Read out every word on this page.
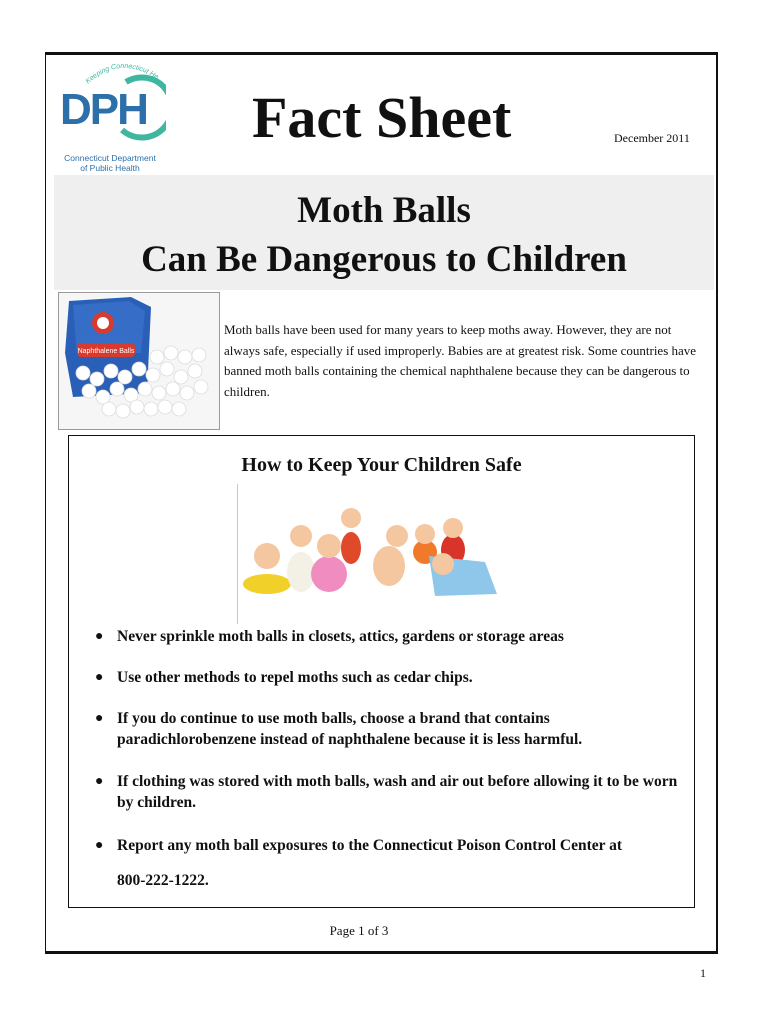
Keeping Connecticut He
DPH
Connecticut Department
of Public Health
Fact Sheet	December 2011
Moth Balls
Can Be Dangerous to Children
Naphthalene Balls
Moth balls have been used for many years to keep moths away. However, they are not always safe, especially if used improperly. Babies are at greatest risk. Some countries have banned moth balls containing the chemical naphthalene because they can be dangerous to children.
How to Keep Your Children Safe
● Never sprinkle moth balls in closets, attics, gardens or storage areas
● Use other methods to repel moths such as cedar chips.
● If you do continue to use moth balls, choose a brand that contains paradichlorobenzene instead of naphthalene because it is less harmful.
● If clothing was stored with moth balls, wash and air out before allowing it to be worn by children.
● Report any moth ball exposures to the Connecticut Poison Control Center at
800-222-1222.
Page 1 of 3
1
